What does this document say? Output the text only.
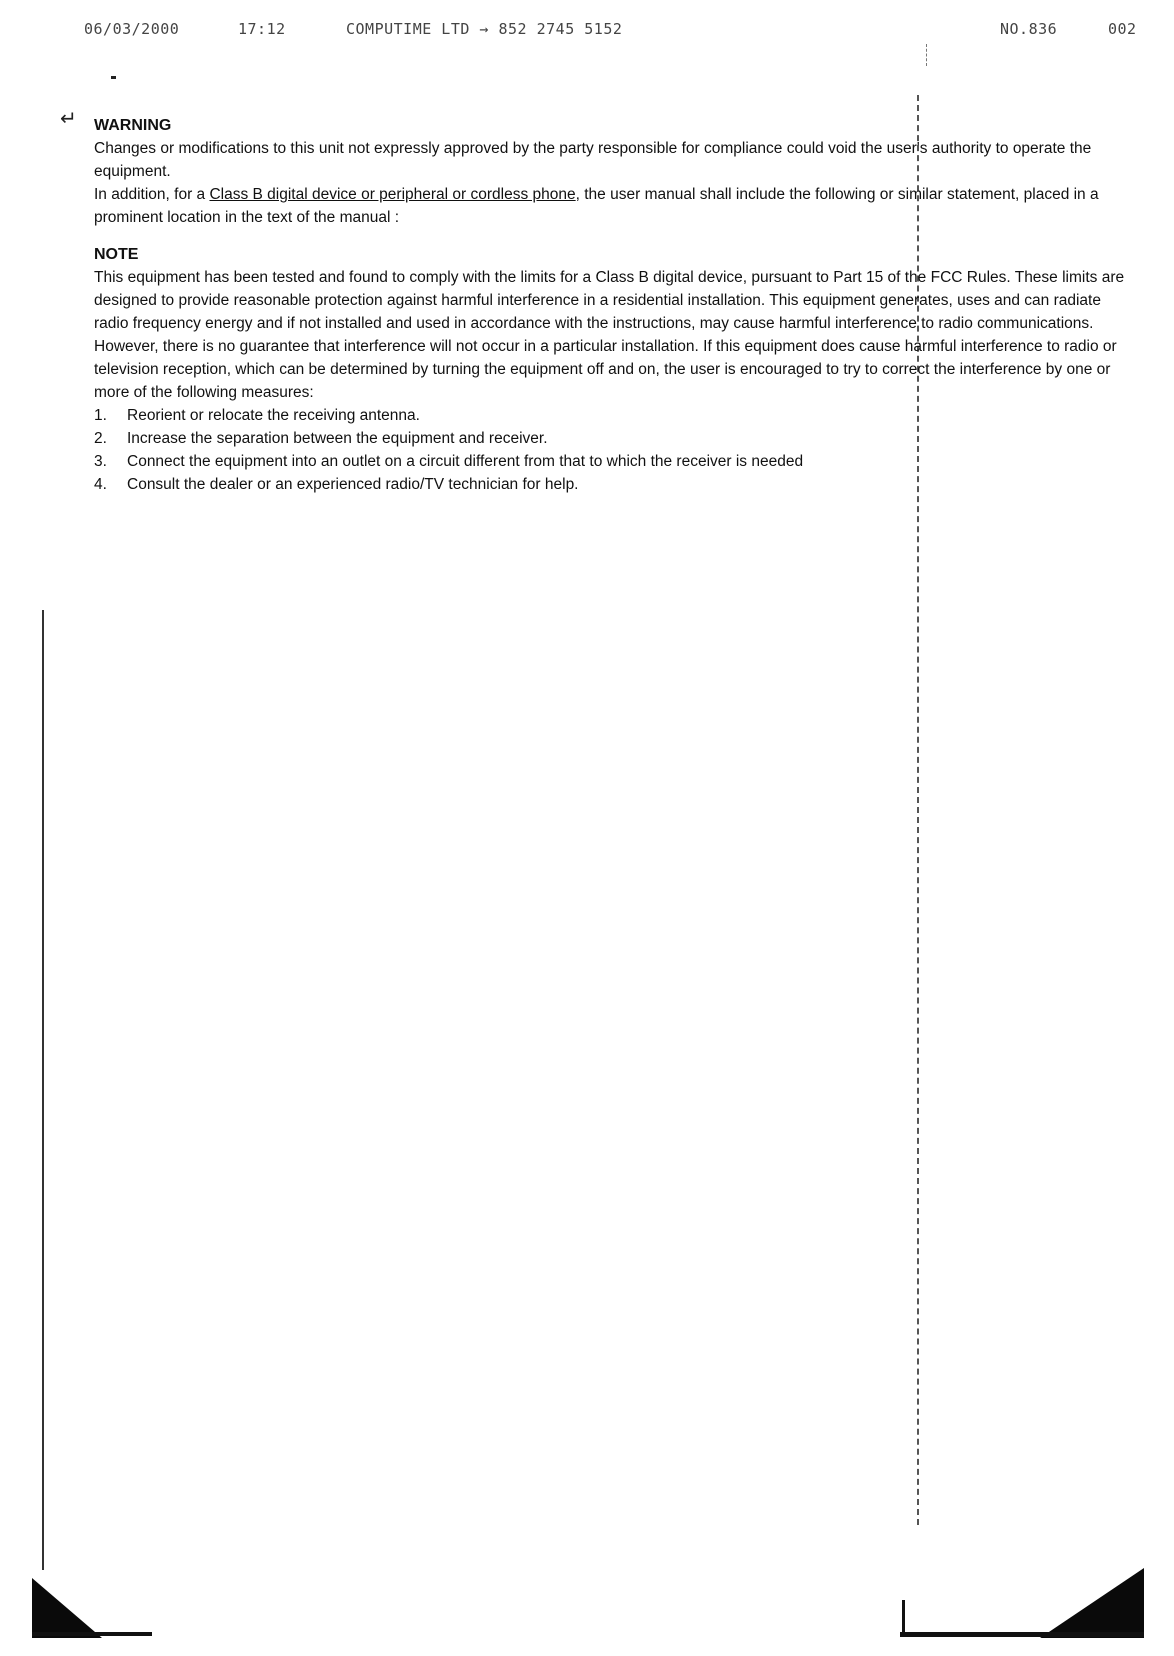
06/03/2000	17:12	COMPUTIME LTD → 852 2745 5152	NO.836	002
↵ WARNING

Changes or modifications to this unit not expressly approved by the party responsible for compliance could void the user's authority to operate the equipment.

In addition, for a Class B digital device or peripheral or cordless phone, the user manual shall include the following or similar statement, placed in a prominent location in the text of the manual :

NOTE

This equipment has been tested and found to comply with the limits for a Class B digital device, pursuant to Part 15 of the FCC Rules. These limits are designed to provide reasonable protection against harmful interference in a residential installation. This equipment generates, uses and can radiate radio frequency energy and if not installed and used in accordance with the instructions, may cause harmful interference to radio communications.

However, there is no guarantee that interference will not occur in a particular installation. If this equipment does cause harmful interference to radio or television reception, which can be determined by turning the equipment off and on, the user is encouraged to try to correct the interference by one or more of the following measures:

1. Reorient or relocate the receiving antenna.
2. Increase the separation between the equipment and receiver.
3. Connect the equipment into an outlet on a circuit different from that to which the receiver is needed
4. Consult the dealer or an experienced radio/TV technician for help.
